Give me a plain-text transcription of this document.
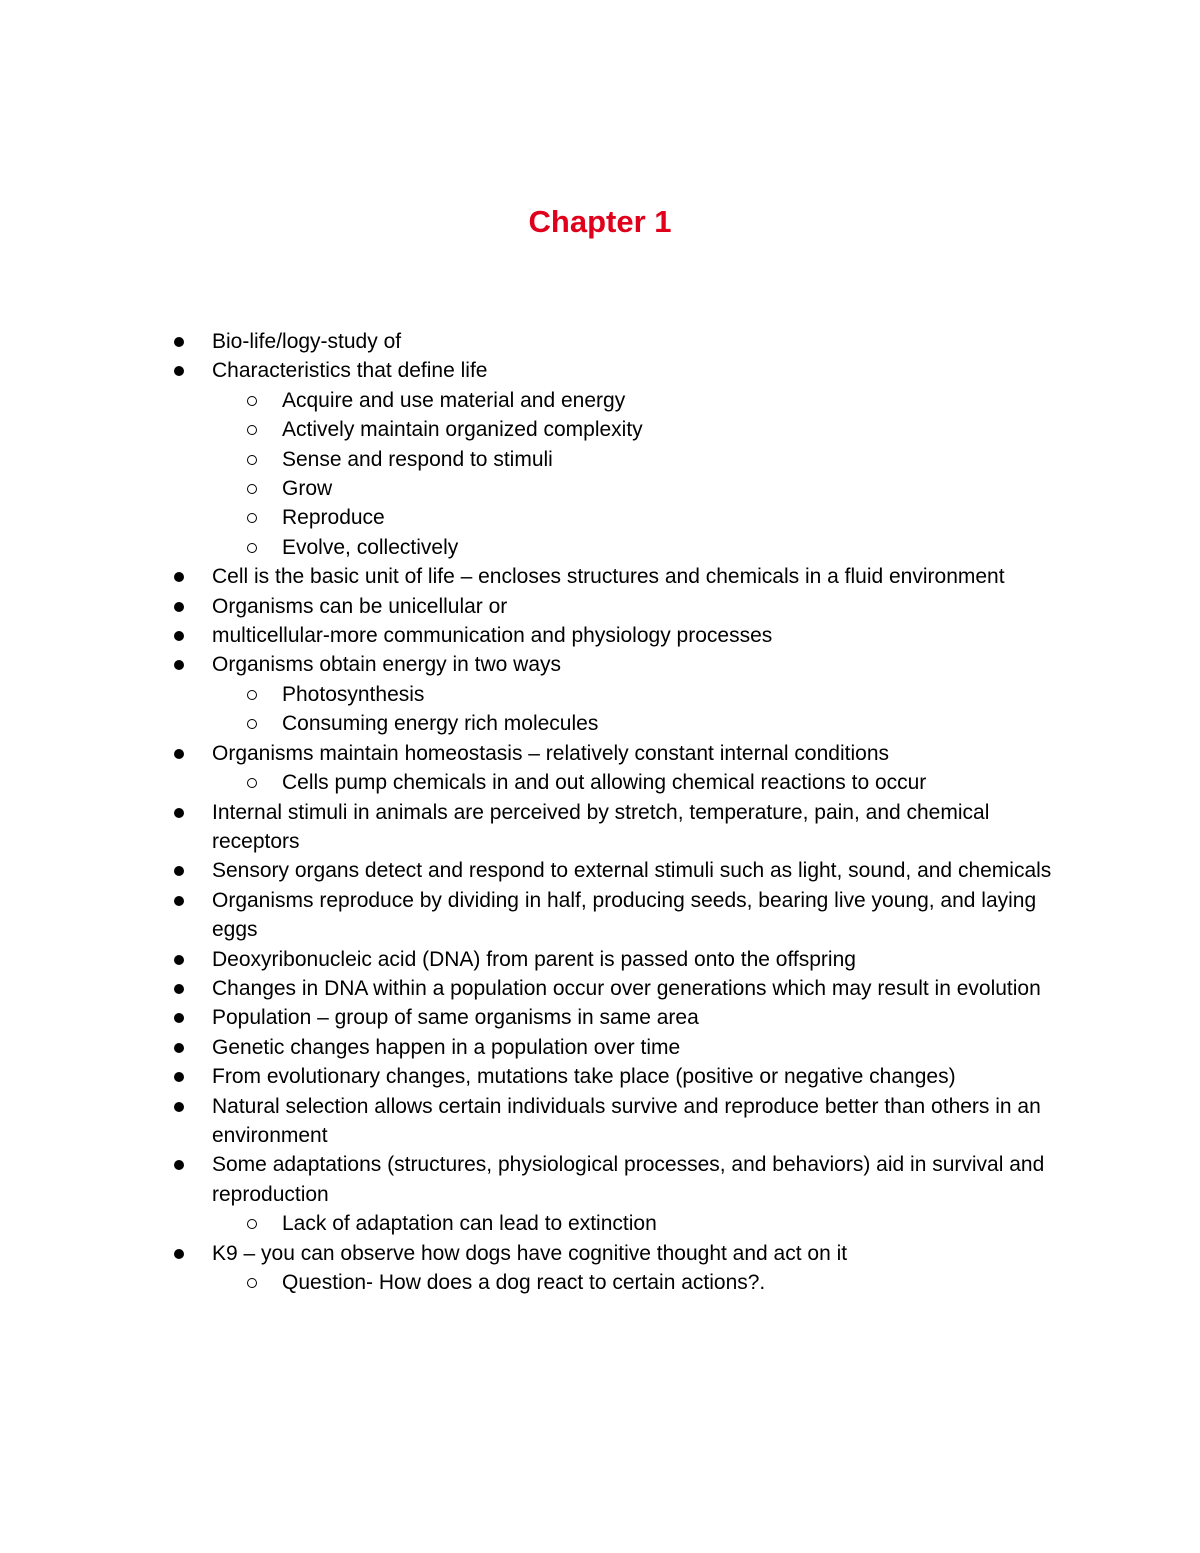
Chapter 1
Bio-life/logy-study of
Characteristics that define life
Acquire and use material and energy
Actively maintain organized complexity
Sense and respond to stimuli
Grow
Reproduce
Evolve, collectively
Cell is the basic unit of life – encloses structures and chemicals in a fluid environment
Organisms can be unicellular or
multicellular-more communication and physiology processes
Organisms obtain energy in two ways
Photosynthesis
Consuming energy rich molecules
Organisms maintain homeostasis – relatively constant internal conditions
Cells pump chemicals in and out allowing chemical reactions to occur
Internal stimuli in animals are perceived by stretch, temperature, pain, and chemical receptors
Sensory organs detect and respond to external stimuli such as light, sound, and chemicals
Organisms reproduce by dividing in half, producing seeds, bearing live young, and laying eggs
Deoxyribonucleic acid (DNA) from parent is passed onto the offspring
Changes in DNA within a population occur over generations which may result in evolution
Population – group of same organisms in same area
Genetic changes happen in a population over time
From evolutionary changes, mutations take place (positive or negative changes)
Natural selection allows certain individuals survive and reproduce better than others in an environment
Some adaptations (structures, physiological processes, and behaviors) aid in survival and reproduction
Lack of adaptation can lead to extinction
K9 – you can observe how dogs have cognitive thought and act on it
Question- How does a dog react to certain actions?.
